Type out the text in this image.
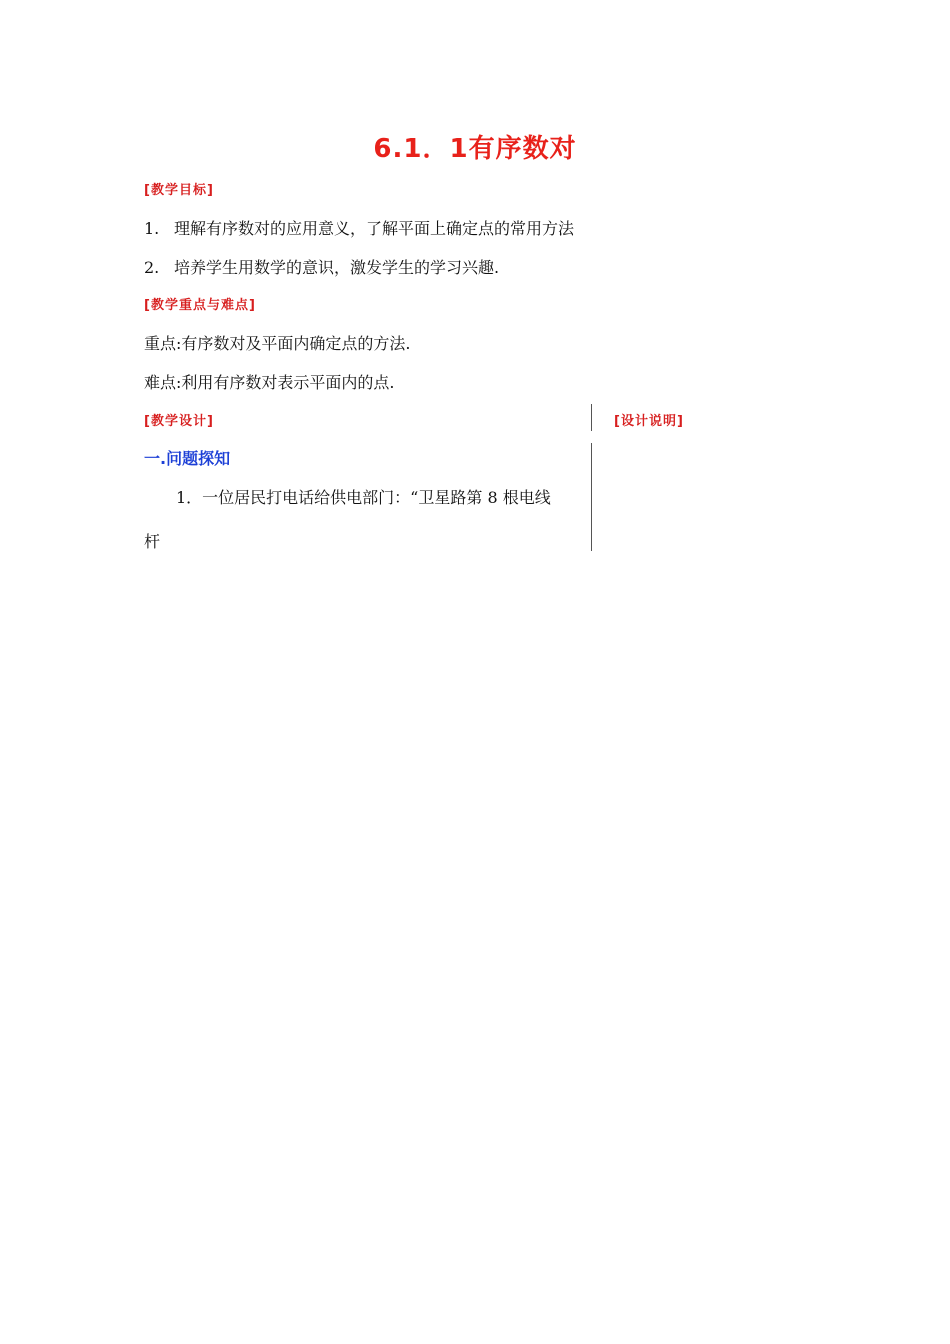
6.1．1有序数对
[教学目标]
1. 理解有序数对的应用意义，了解平面上确定点的常用方法
2. 培养学生用数学的意识，激发学生的学习兴趣.
[教学重点与难点]
重点:有序数对及平面内确定点的方法.
难点:利用有序数对表示平面内的点.
[教学设计]	[设计说明]
一.问题探知
1．一位居民打电话给供电部门：“卫星路第 8 根电线
杆
